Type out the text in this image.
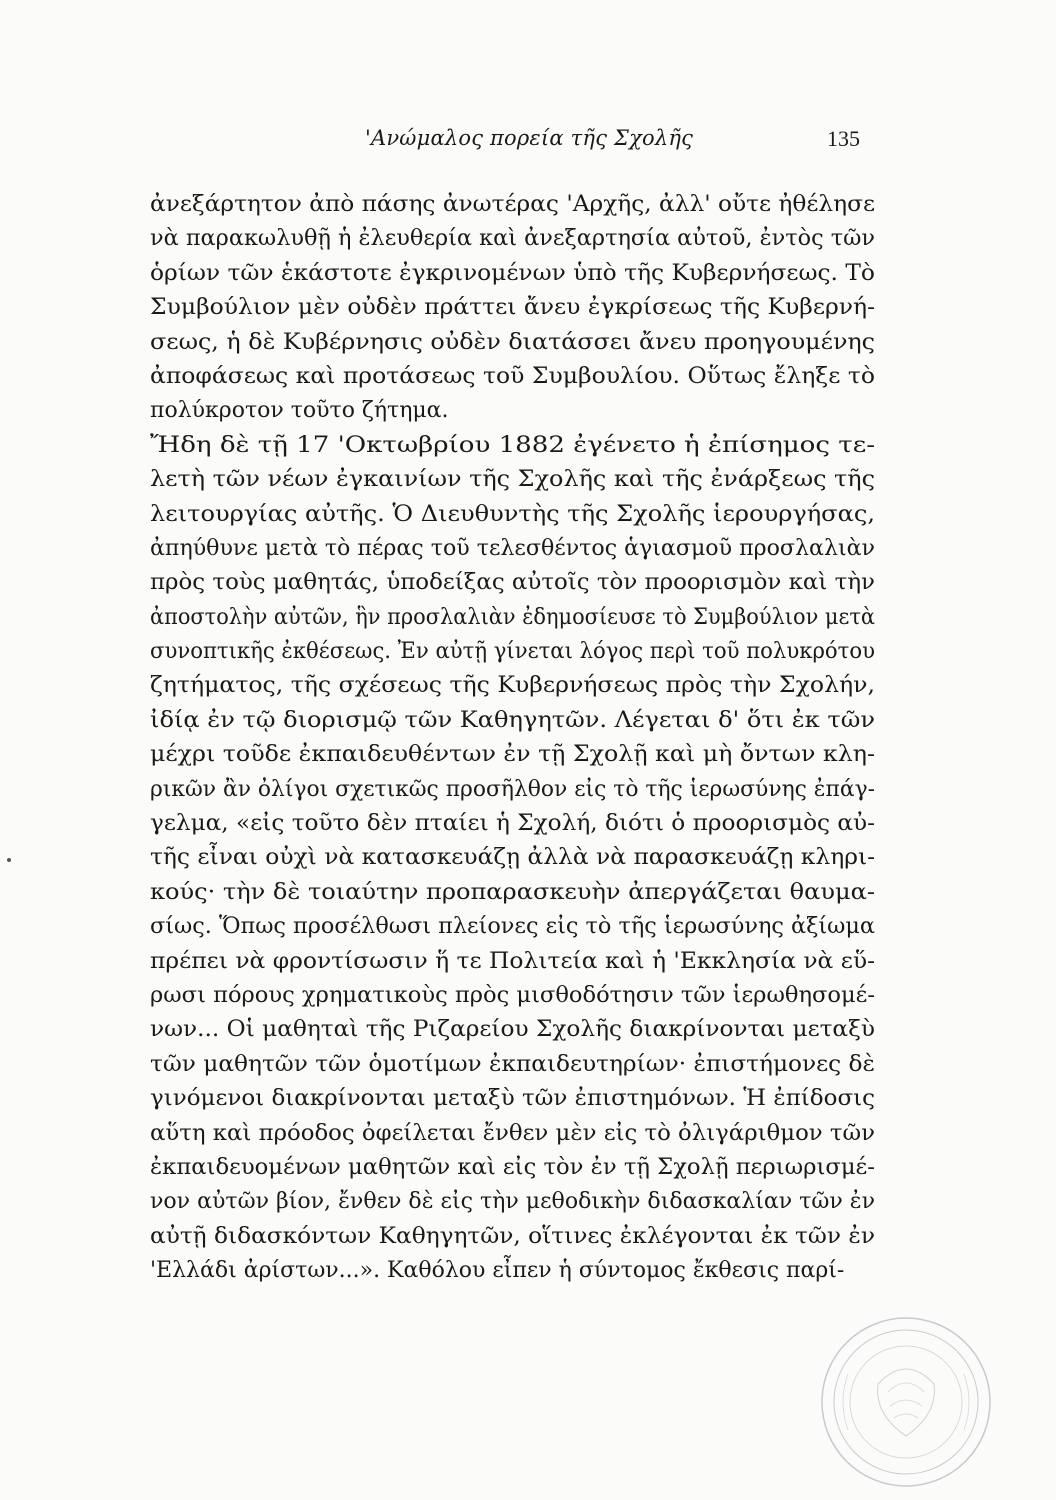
'Ανώμαλος πορεία τῆς Σχολῆς	135
ἀνεξάρτητον ἀπὸ πάσης ἀνωτέρας 'Αρχῆς, ἀλλ' οὔτε ἠθέλησε
νὰ παρακωλυθῇ ἡ ἐλευθερία καὶ ἀνεξαρτησία αὐτοῦ, ἐντὸς τῶν
ὁρίων τῶν ἑκάστοτε ἐγκρινομένων ὑπὸ τῆς Κυβερνήσεως. Τὸ
Συμβούλιον μὲν οὐδὲν πράττει ἄνευ ἐγκρίσεως τῆς Κυβερνή-
σεως, ἡ δὲ Κυβέρνησις οὐδὲν διατάσσει ἄνευ προηγουμένης
ἀποφάσεως καὶ προτάσεως τοῦ Συμβουλίου. Οὕτως ἔληξε τὸ
πολύκροτον τοῦτο ζήτημα.
Ἤδη δὲ τῇ 17 'Οκτωβρίου 1882 ἐγένετο ἡ ἐπίσημος τε-
λετὴ τῶν νέων ἐγκαινίων τῆς Σχολῆς καὶ τῆς ἐνάρξεως τῆς
λειτουργίας αὐτῆς. Ὁ Διευθυντὴς τῆς Σχολῆς ἱερουργήσας,
ἀπηύθυνε μετὰ τὸ πέρας τοῦ τελεσθέντος ἁγιασμοῦ προσλαλιὰν
πρὸς τοὺς μαθητάς, ὑποδείξας αὐτοῖς τὸν προορισμὸν καὶ τὴν
ἀποστολὴν αὐτῶν, ἣν προσλαλιὰν ἐδημοσίευσε τὸ Συμβούλιον μετὰ
συνοπτικῆς ἐκθέσεως. Ἐν αὐτῇ γίνεται λόγος περὶ τοῦ πολυκρότου
ζητήματος, τῆς σχέσεως τῆς Κυβερνήσεως πρὸς τὴν Σχολήν,
ἰδίᾳ ἐν τῷ διορισμῷ τῶν Καθηγητῶν. Λέγεται δ' ὅτι ἐκ τῶν
μέχρι τοῦδε ἐκπαιδευθέντων ἐν τῇ Σχολῇ καὶ μὴ ὄντων κλη-
ρικῶν ἂν ὀλίγοι σχετικῶς προσῆλθον εἰς τὸ τῆς ἱερωσύνης ἐπάγ-
γελμα, «εἰς τοῦτο δὲν πταίει ἡ Σχολή, διότι ὁ προορισμὸς αὐ-
τῆς εἶναι οὐχὶ νὰ κατασκευάζῃ ἀλλὰ νὰ παρασκευάζῃ κληρι-
κούς· τὴν δὲ τοιαύτην προπαρασκευὴν ἀπεργάζεται θαυμα-
σίως. Ὅπως προσέλθωσι πλείονες εἰς τὸ τῆς ἱερωσύνης ἀξίωμα
πρέπει νὰ φροντίσωσιν ἥ τε Πολιτεία καὶ ἡ 'Εκκλησία νὰ εὕ-
ρωσι πόρους χρηματικοὺς πρὸς μισθοδότησιν τῶν ἱερωθησομέ-
νων... Οἱ μαθηταὶ τῆς Ριζαρείου Σχολῆς διακρίνονται μεταξὺ
τῶν μαθητῶν τῶν ὁμοτίμων ἐκπαιδευτηρίων· ἐπιστήμονες δὲ
γινόμενοι διακρίνονται μεταξὺ τῶν ἐπιστημόνων. Ἡ ἐπίδοσις
αὕτη καὶ πρόοδος ὀφείλεται ἔνθεν μὲν εἰς τὸ ὀλιγάριθμον τῶν
ἐκπαιδευομένων μαθητῶν καὶ εἰς τὸν ἐν τῇ Σχολῇ περιωρισμέ-
νον αὐτῶν βίον, ἔνθεν δὲ εἰς τὴν μεθοδικὴν διδασκαλίαν τῶν ἐν
αὐτῇ διδασκόντων Καθηγητῶν, οἵτινες ἐκλέγονται ἐκ τῶν ἐν
'Ελλάδι ἀρίστων...». Καθόλου εἶπεν ἡ σύντομος ἔκθεσις παρί-
